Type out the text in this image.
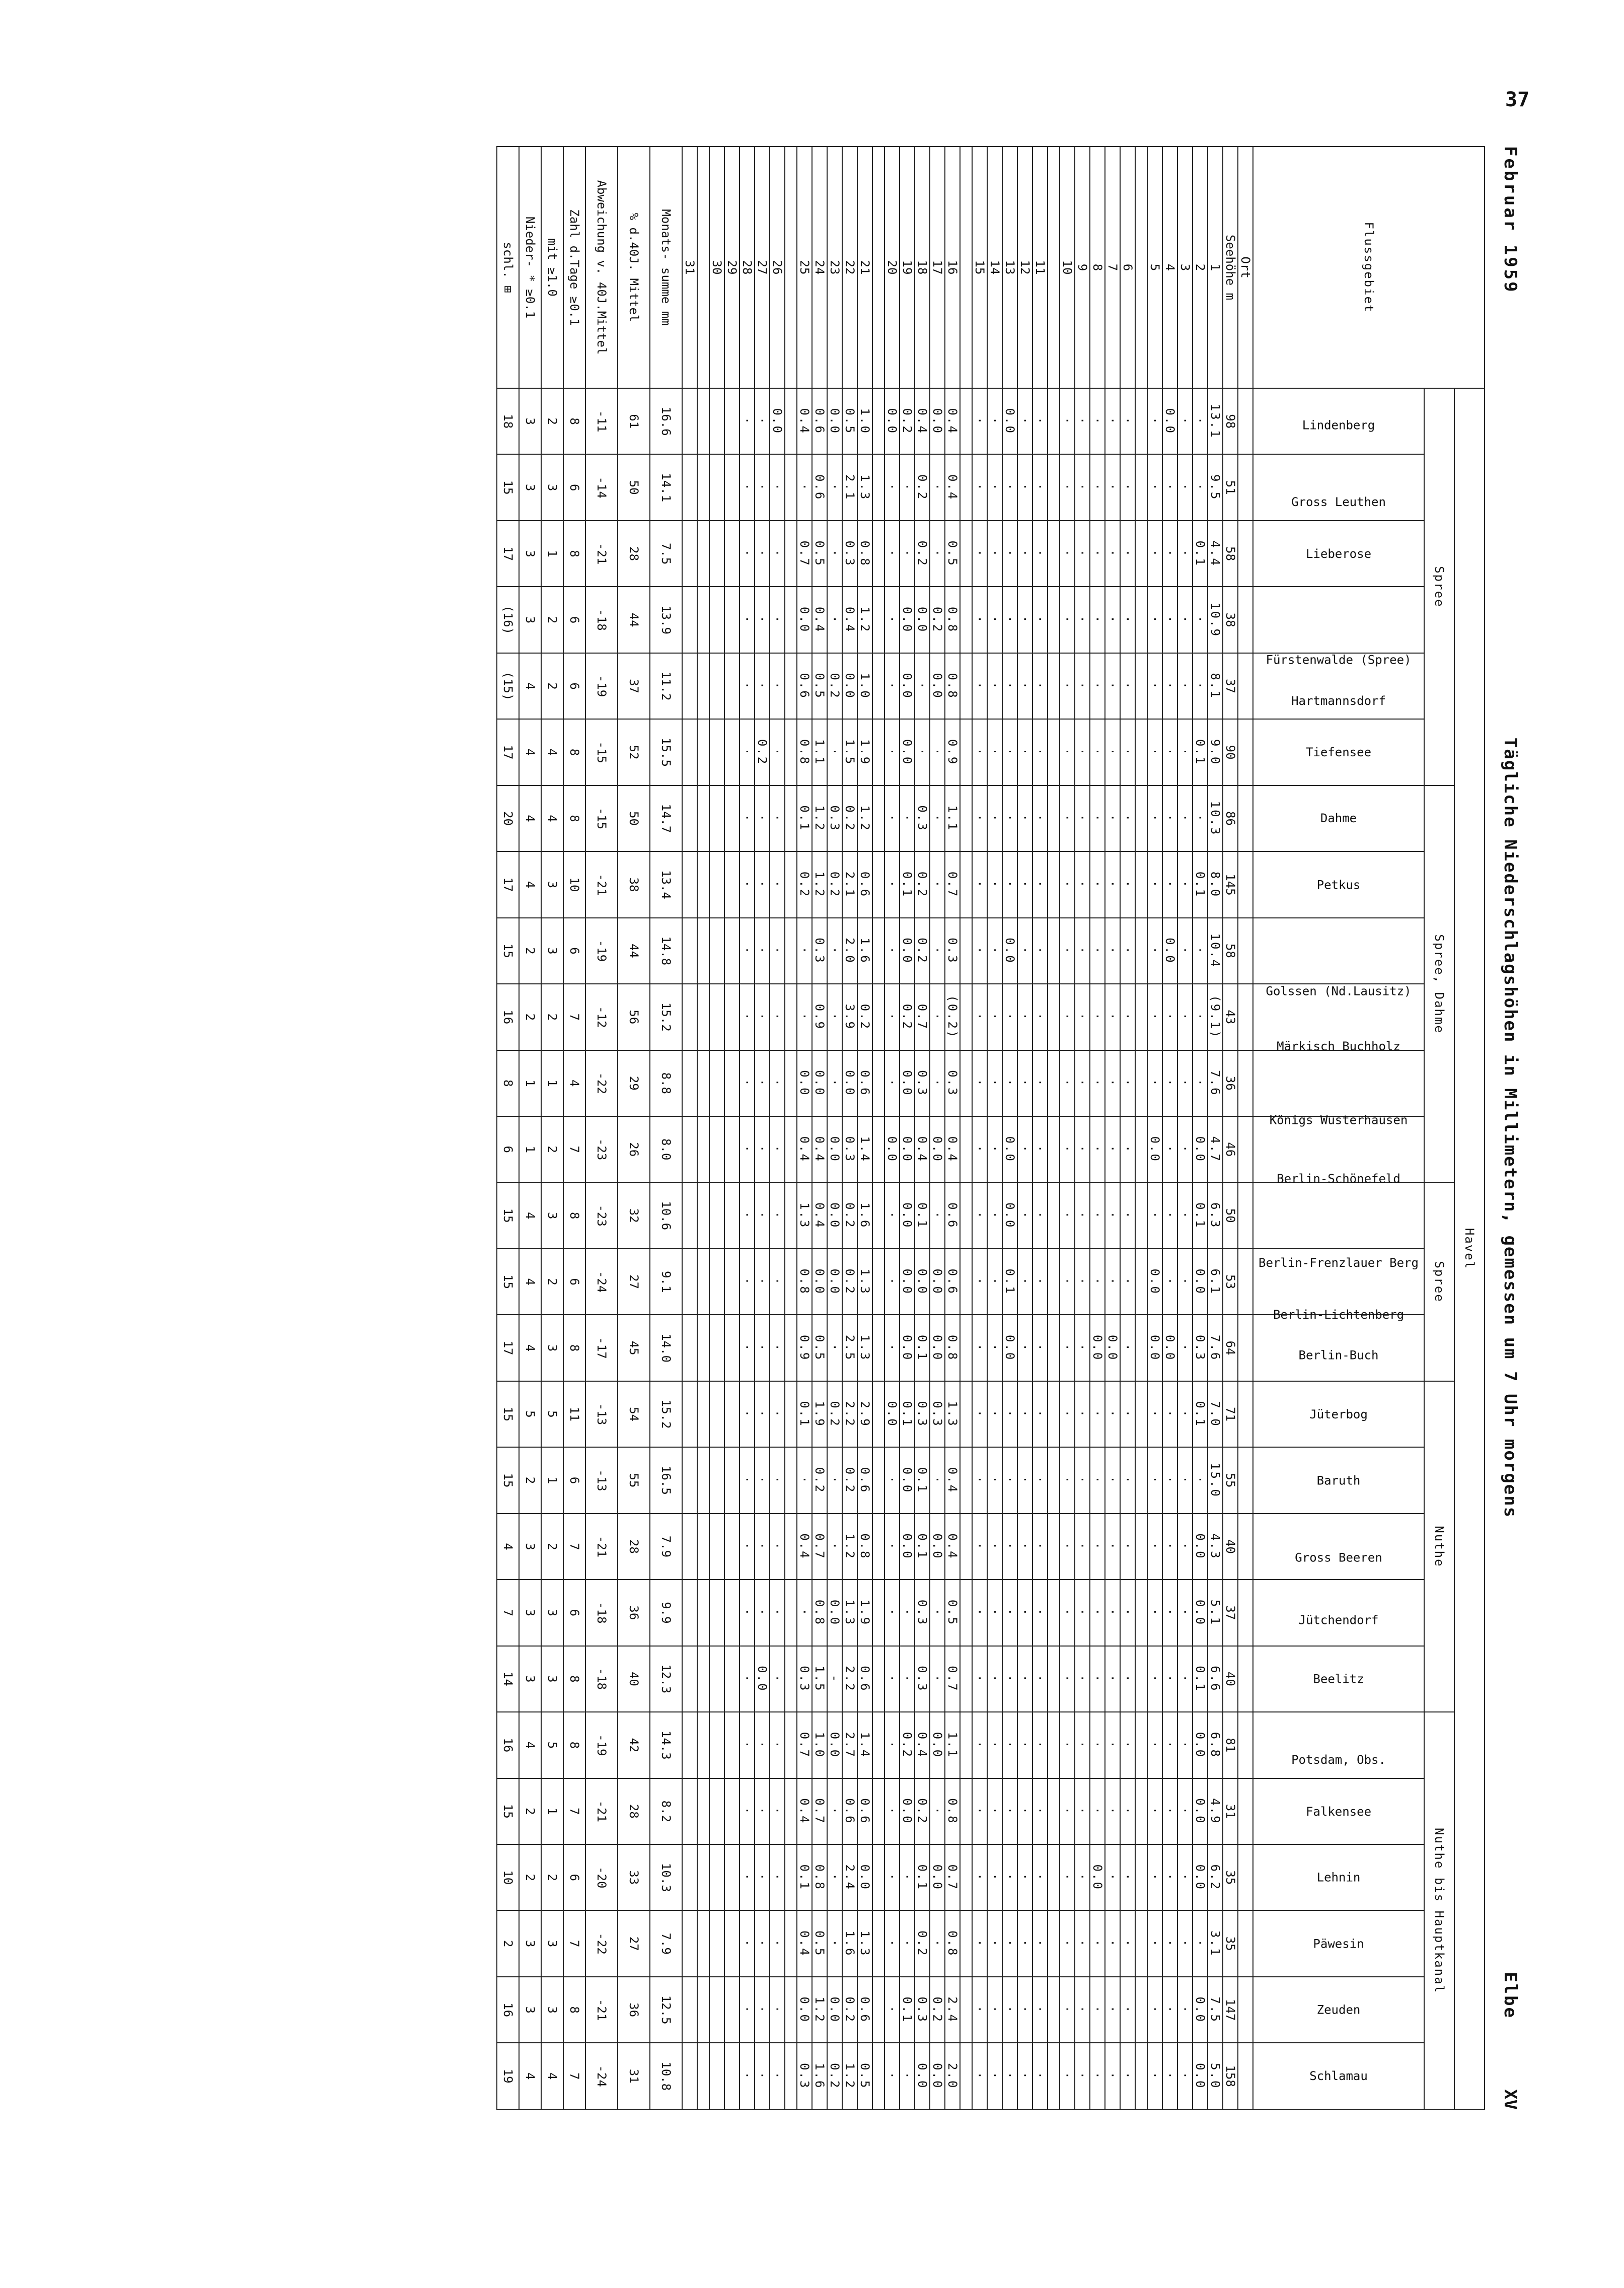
37
Februar 1959
Tägliche Niederschlagshöhen in Millimetern, gemessen um 7 Uhr morgens
Elbe
XV
Flussgebiet	Havel																									
	Spree						Spree, Dahme						Spree			Nuthe					Nuthe bis Hauptkanal					
	Lindenberg	Gross Leuthen	Lieberose	Fürstenwalde (Spree)	Hartmannsdorf	Tiefensee	Dahme	Petkus	Golssen (Nd.Lausitz)	Märkisch Buchholz	Königs Wusterhausen	Berlin-Schönefeld	Berlin-Frenzlauer Berg	Berlin-Lichtenberg	Berlin-Buch	Jüterbog	Baruth	Gross Beeren	Jütchendorf	Beelitz	Potsdam, Obs.	Falkensee	Lehnin	Päwesin	Zeuden	Schlamau
Ort																										
Seehöhe m	98	51	58	38	37	90	86	145	58	43	36	46	50	53	64	71	55	40	37	40	81	31	35	35	147	158
1	13.1	9.5	4.4	10.9	8.1	9.0	10.3	8.0	10.4	(9.1)	7.6	4.7	6.3	6.1	7.6	7.0	15.0	4.3	5.1	6.6	6.8	4.9	6.2	3.1	7.5	5.0
2	·	·	0.1	·	·	0.1	·	0.1	·	·	·	0.0	0.1	0.0	0.3	0.1	·	0.0	0.0	0.1	0.0	0.0	0.0	·	0.0	0.0
3	·	·	·	·	·	·	·	·	·	·	·	·	·	·	·	·	·	·	·	·	·	·	·	·	·	·
4	0.0	·	·	·	·	·	·	·	0.0	·	·	·	·	·	0.0	·	·	·	·	·	·	·	·	·	·	·
5	·	·	·	·	·	·	·	·	·	·	·	0.0	·	0.0	0.0	·	·	·	·	·	·	·	·	·	·	·

6	·	·	·	·	·	·	·	·	·	·	·	·	·	·	·	·	·	·	·	·	·	·	·	·	·	·
7	·	·	·	·	·	·	·	·	·	·	·	·	·	·	0.0	·	·	·	·	·	·	·	·	·	·	·
8	·	·	·	·	·	·	·	·	·	·	·	·	·	·	0.0	·	·	·	·	·	·	·	0.0	·	·	·
9	·	·	·	·	·	·	·	·	·	·	·	·	·	·	·	·	·	·	·	·	·	·	·	·	·	·
10	·	·	·	·	·	·	·	·	·	·	·	·	·	·	·	·	·	·	·	·	·	·	·	·	·	·

11	·	·	·	·	·	·	·	·	·	·	·	·	·	·	·	·	·	·	·	·	·	·	·	·	·	·
12	·	·	·	·	·	·	·	·	·	·	·	·	·	·	·	·	·	·	·	·	·	·	·	·	·	·
13	0.0	·	·	·	·	·	·	·	0.0	·	·	0.0	0.0	0.1	0.0	·	·	·	·	·	·	·	·	·	·	·
14	·	·	·	·	·	·	·	·	·	·	·	·	·	·	·	·	·	·	·	·	·	·	·	·	·	·
15	·	·	·	·	·	·	·	·	·	·	·	·	·	·	·	·	·	·	·	·	·	·	·	·	·	·

16	0.4	0.4	0.5	0.8	0.8	0.9	1.1	0.7	0.3	(0.2)	0.3	0.4	0.6	0.6	0.8	1.3	0.4	0.4	0.5	0.7	1.1	0.8	0.7	0.8	2.4	2.0
17	0.0	·	·	0.2	0.0	·	·	·	·	·	·	0.0	·	0.0	0.0	0.3	·	0.0	·	·	0.0	·	0.0	·	0.2	0.0
18	0.4	0.2	0.2	0.0	·	·	0.3	0.2	0.2	0.7	0.3	0.4	0.1	0.0	0.1	0.3	0.1	0.1	0.3	0.3	0.4	0.2	0.1	0.2	0.3	0.0
19	0.2	·	·	0.0	0.0	0.0	·	0.1	0.0	0.2	0.0	0.0	0.0	0.0	0.0	0.1	0.0	0.0	·	·	0.2	0.0	·	·	0.1	·
20	0.0	·	·	·	·	·	·	·	·	·	·	0.0	·	·	·	0.0	·	·	·	·	·	·	·	·	·	·

21	1.0	1.3	0.8	1.2	1.0	1.9	1.2	0.6	1.6	0.2	0.6	1.4	1.6	1.3	1.3	2.9	0.6	0.8	1.9	0.6	1.4	0.6	0.0	1.3	0.6	0.5
22	0.5	2.1	0.3	0.4	0.0	1.5	0.2	2.1	2.0	3.9	0.0	0.3	0.2	0.2	2.5	2.2	0.2	1.2	1.3	2.2	2.7	0.6	2.4	1.6	0.2	1.2
23	0.0	·	·	·	0.2	·	0.3	0.2	·	·	·	0.0	0.0	0.0	·	0.2	·	·	0.0	-	0.0	·	·	·	0.0	0.2
24	0.6	0.6	0.5	0.4	0.5	1.1	1.2	1.2	0.3	0.9	0.0	0.4	0.4	0.0	0.5	1.9	0.2	0.7	0.8	1.5	1.0	0.7	0.8	0.5	1.2	1.6
25	0.4	·	0.7	0.0	0.6	0.8	0.1	0.2	·	·	0.0	0.4	1.3	0.8	0.9	0.1	·	0.4	·	0.3	0.7	0.4	0.1	0.4	0.0	0.3

26	0.0	·	·	·	·	·	·	·	·	·	·	·	·	·	·	·	·	·	·	·	·	·	·	·	·	·
27	·	·	·	·	·	0.2	·	·	·	·	·	·	·	·	·	·	·	·	·	0.0	·	·	·	·	·	·
28	·	·	·	·	·	·	·	·	·	·	·	·	·	·	·	·	·	·	·	·	·	·	·	·	·	·
29																										
30																										

31																										
Monats- summe mm	16.6	14.1	7.5	13.9	11.2	15.5	14.7	13.4	14.8	15.2	8.8	8.0	10.6	9.1	14.0	15.2	16.5	7.9	9.9	12.3	14.3	8.2	10.3	7.9	12.5	10.8
% d.40J. Mittel	61	50	28	44	37	52	50	38	44	56	29	26	32	27	45	54	55	28	36	40	42	28	33	27	36	31
Abweichung v. 40J.Mittel	-11	-14	-21	-18	-19	-15	-15	-21	-19	-12	-22	-23	-23	-24	-17	-13	-13	-21	-18	-18	-19	-21	-20	-22	-21	-24
Zahl d.Tage ≥0.1	8	6	8	6	6	8	8	10	6	7	4	7	8	6	8	11	6	7	6	8	8	7	6	7	8	7
mit ≥1.0	2	3	1	2	2	4	4	3	3	2	1	2	3	2	3	5	1	2	3	3	5	1	2	3	3	4
Nieder- * ≥0.1	3	3	3	3	4	4	4	4	2	2	1	1	4	4	4	5	2	3	3	3	4	2	2	3	3	4
schl. ⊞	18	15	17	(16)	(15)	17	20	17	15	16	8	6	15	15	17	15	15	4	7	14	16	15	10	2	16	19
